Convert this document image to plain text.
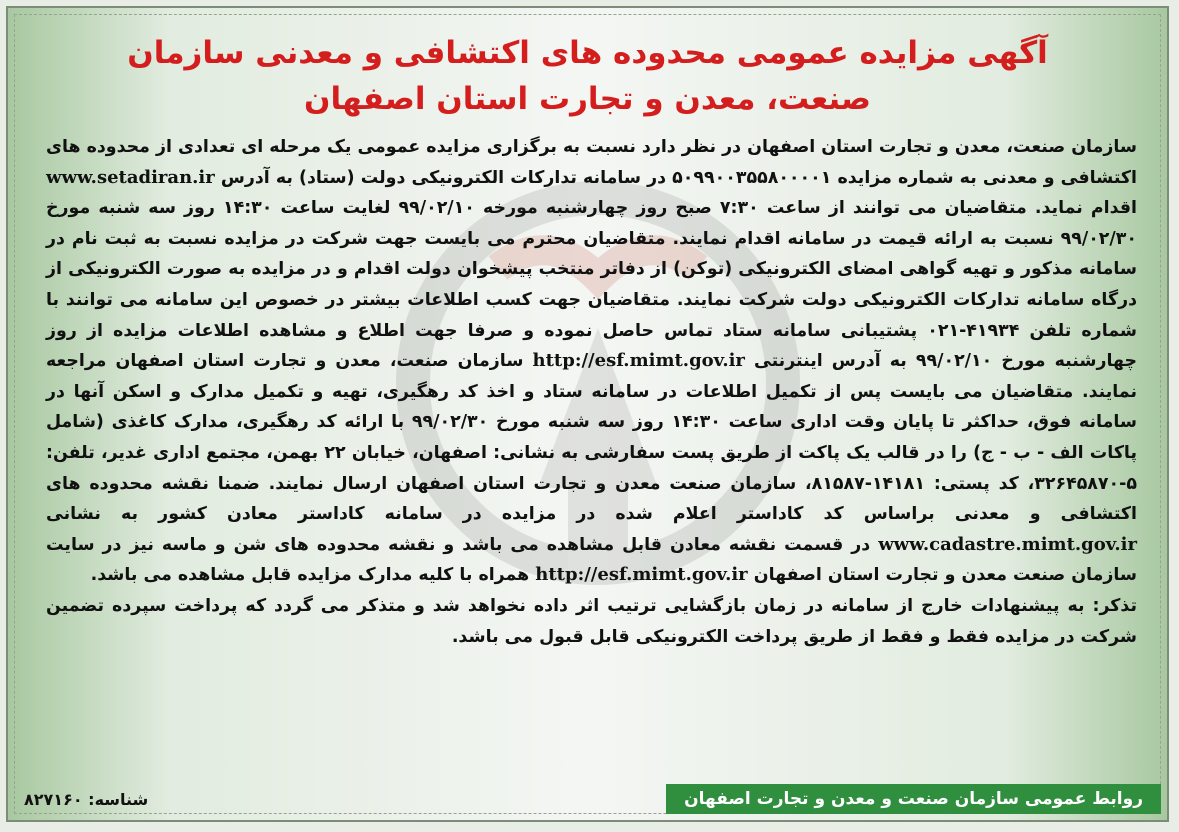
آگهی مزایده عمومی محدوده های اکتشافی و معدنی سازمان
صنعت، معدن و تجارت استان اصفهان

سازمان صنعت، معدن و تجارت استان اصفهان در نظر دارد نسبت به برگزاری مزایده عمومی یک مرحله ای تعدادی از محدوده های اکتشافی و معدنی به شماره مزایده ۵۰۹۹۰۰۳۵۵۸۰۰۰۰۱ در سامانه تدارکات الکترونیکی دولت (ستاد) به آدرس www.setadiran.ir اقدام نماید. متقاضیان می توانند از ساعت ۷:۳۰ صبح روز چهارشنبه مورخه ۹۹/۰۲/۱۰ لغایت ساعت ۱۴:۳۰ روز سه شنبه مورخ ۹۹/۰۲/۳۰ نسبت به ارائه قیمت در سامانه اقدام نمایند. متقاضیان محترم می بایست جهت شرکت در مزایده نسبت به ثبت نام در سامانه مذکور و تهیه گواهی امضای الکترونیکی (توکن) از دفاتر منتخب پیشخوان دولت اقدام و در مزایده به صورت الکترونیکی از درگاه سامانه تدارکات الکترونیکی دولت شرکت نمایند. متقاضیان جهت کسب اطلاعات بیشتر در خصوص این سامانه می توانند با شماره تلفن ۴۱۹۳۴-۰۲۱ پشتیبانی سامانه ستاد تماس حاصل نموده و صرفا جهت اطلاع و مشاهده اطلاعات مزایده از روز چهارشنبه مورخ ۹۹/۰۲/۱۰ به آدرس اینترنتی http://esf.mimt.gov.ir سازمان صنعت، معدن و تجارت استان اصفهان مراجعه نمایند. متقاضیان می بایست پس از تکمیل اطلاعات در سامانه ستاد و اخذ کد رهگیری، تهیه و تکمیل مدارک و اسکن آنها در سامانه فوق، حداکثر تا پایان وقت اداری ساعت ۱۴:۳۰ روز سه شنبه مورخ ۹۹/۰۲/۳۰ با ارائه کد رهگیری، مدارک کاغذی (شامل پاکات الف - ب - ج) را در قالب یک پاکت از طریق پست سفارشی به نشانی: اصفهان، خیابان ۲۲ بهمن، مجتمع اداری غدیر، تلفن: ۵-۳۲۶۴۵۸۷۰، کد پستی: ۱۴۱۸۱-۸۱۵۸۷، سازمان صنعت معدن و تجارت استان اصفهان ارسال نمایند. ضمنا نقشه محدوده های اکتشافی و معدنی براساس کد کاداستر اعلام شده در مزایده در سامانه کاداستر معادن کشور به نشانی www.cadastre.mimt.gov.ir در قسمت نقشه معادن قابل مشاهده می باشد و نقشه محدوده های شن و ماسه نیز در سایت سازمان صنعت معدن و تجارت استان اصفهان http://esf.mimt.gov.ir همراه با کلیه مدارک مزایده قابل مشاهده می باشد.

تذکر: به پیشنهادات خارج از سامانه در زمان بازگشایی ترتیب اثر داده نخواهد شد و متذکر می گردد که پرداخت سپرده تضمین شرکت در مزایده فقط و فقط از طریق پرداخت الکترونیکی قابل قبول می باشد.

روابط عمومی سازمان صنعت و معدن و تجارت اصفهان
شناسه: ۸۲۷۱۶۰
